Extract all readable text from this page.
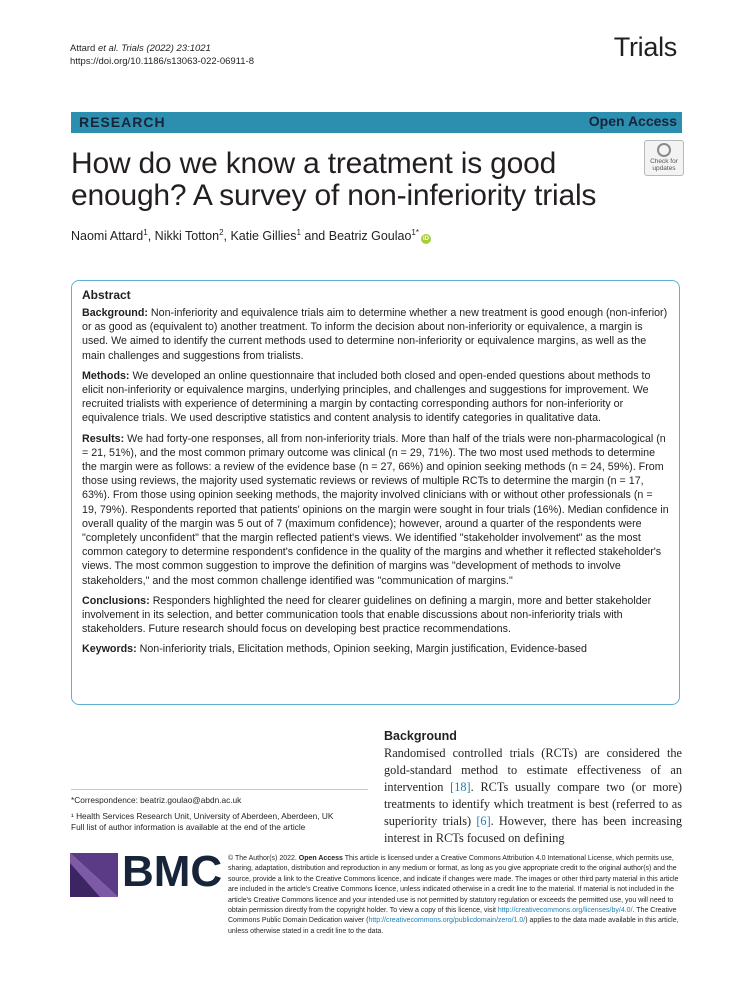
Attard et al. Trials (2022) 23:1021
https://doi.org/10.1186/s13063-022-06911-8	Trials
RESEARCH	Open Access
How do we know a treatment is good enough? A survey of non-inferiority trials
Check for
updates
Naomi Attard$^1$, Nikki Totton$^2$, Katie Gillies$^1$ and Beatriz Goulao$^{1*}$iD
Abstract

Background: Non-inferiority and equivalence trials aim to determine whether a new treatment is good enough (non-inferior) or as good as (equivalent to) another treatment. To inform the decision about non-inferiority or equivalence, a margin is used. We aimed to identify the current methods used to determine non-inferiority or equivalence margins, as well as the main challenges and suggestions from trialists.

Methods: We developed an online questionnaire that included both closed and open-ended questions about methods to elicit non-inferiority or equivalence margins, underlying principles, and challenges and suggestions for improvement. We recruited trialists with experience of determining a margin by contacting corresponding authors for non-inferiority or equivalence trials. We used descriptive statistics and content analysis to identify categories in qualitative data.

Results: We had forty-one responses, all from non-inferiority trials. More than half of the trials were non-pharmacological (n = 21, 51%), and the most common primary outcome was clinical (n = 29, 71%). The two most used methods to determine the margin were as follows: a review of the evidence base (n = 27, 66%) and opinion seeking methods (n = 24, 59%). From those using reviews, the majority used systematic reviews or reviews of multiple RCTs to determine the margin (n = 17, 63%). From those using opinion seeking methods, the majority involved clinicians with or without other professionals (n = 19, 79%). Respondents reported that patients' opinions on the margin were sought in four trials (16%). Median confidence in overall quality of the margin was 5 out of 7 (maximum confidence); however, around a quarter of the respondents were "completely unconfident" that the margin reflected patient's views. We identified "stakeholder involvement" as the most common category to determine respondent's confidence in the quality of the margins and whether it reflected stakeholder's views. The most common suggestion to improve the definition of margins was "development of methods to involve stakeholders," and the most common challenge identified was "communication of margins."

Conclusions: Responders highlighted the need for clearer guidelines on defining a margin, more and better stakeholder involvement in its selection, and better communication tools that enable discussions about non-inferiority trials with stakeholders. Future research should focus on developing best practice recommendations.

Keywords: Non-inferiority trials, Elicitation methods, Opinion seeking, Margin justification, Evidence-based

Background

Randomised controlled trials (RCTs) are considered the gold-standard method to estimate effectiveness of an intervention [18]. RCTs usually compare two (or more) treatments to identify which treatment is best (referred to as superiority trials) [6]. However, there has been increasing interest in RCTs focused on defining

*Correspondence: beatriz.goulao@abdn.ac.uk
¹ Health Services Research Unit, University of Aberdeen, Aberdeen, UK
Full list of author information is available at the end of the article
BMC © The Author(s) 2022. Open Access This article is licensed under a Creative Commons Attribution 4.0 International License, which permits use, sharing, adaptation, distribution and reproduction in any medium or format, as long as you give appropriate credit to the original author(s) and the source, provide a link to the Creative Commons licence, and indicate if changes were made. The images or other third party material in this article are included in the article's Creative Commons licence, unless indicated otherwise in a credit line to the material. If material is not included in the article's Creative Commons licence and your intended use is not permitted by statutory regulation or exceeds the permitted use, you will need to obtain permission directly from the copyright holder. To view a copy of this licence, visit http://creativecommons.org/licenses/by/4.0/. The Creative Commons Public Domain Dedication waiver (http://creativecommons.org/publicdomain/zero/1.0/) applies to the data made available in this article, unless otherwise stated in a credit line to the data.
